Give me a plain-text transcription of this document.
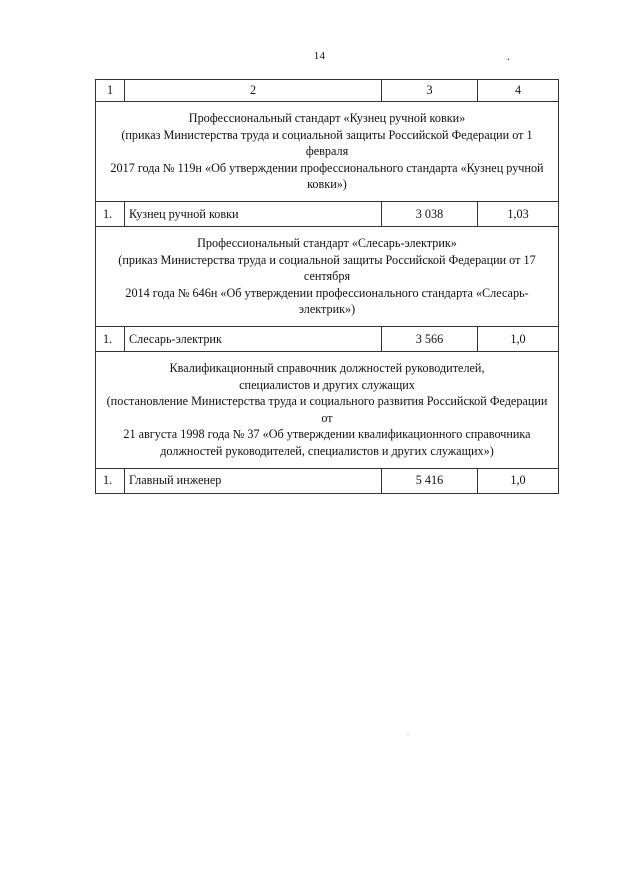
14	.
1	2	3	4

Профессиональный стандарт «Кузнец ручной ковки»
(приказ Министерства труда и социальной защиты Российской Федерации от 1 февраля
2017 года № 119н «Об утверждении профессионального стандарта «Кузнец ручной
ковки»)			

1.	Кузнец ручной ковки	3 038	1,03

Профессиональный стандарт «Слесарь-электрик»
(приказ Министерства труда и социальной защиты Российской Федерации от 17 сентября
2014 года № 646н «Об утверждении профессионального стандарта «Слесарь-электрик»)			

1.	Слесарь-электрик	3 566	1,0

Квалификационный справочник должностей руководителей,
специалистов и других служащих
(постановление Министерства труда и социального развития Российской Федерации от
21 августа 1998 года № 37 «Об утверждении квалификационного справочника
должностей руководителей, специалистов и других служащих»)			

1.	Главный инженер	5 416	1,0
